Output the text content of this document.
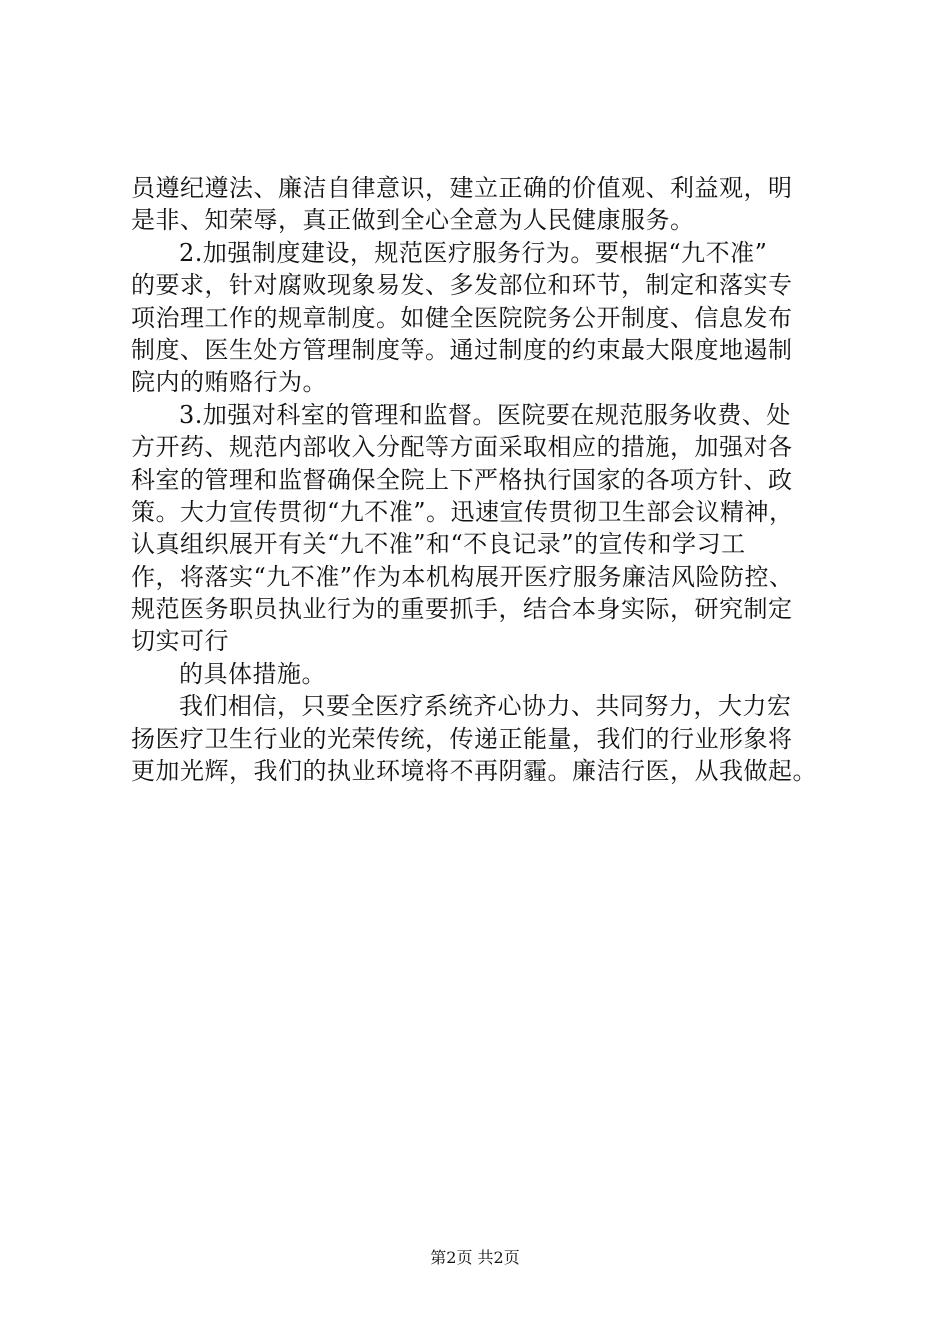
员遵纪遵法、廉洁自律意识，建立正确的价值观、利益观，明
是非、知荣辱，真正做到全心全意为人民健康服务。
2.加强制度建设，规范医疗服务行为。要根据“九不准”
的要求，针对腐败现象易发、多发部位和环节，制定和落实专
项治理工作的规章制度。如健全医院院务公开制度、信息发布
制度、医生处方管理制度等。通过制度的约束最大限度地遏制
院内的贿赂行为。
3.加强对科室的管理和监督。医院要在规范服务收费、处
方开药、规范内部收入分配等方面采取相应的措施，加强对各
科室的管理和监督确保全院上下严格执行国家的各项方针、政
策。大力宣传贯彻“九不准”。迅速宣传贯彻卫生部会议精神，
认真组织展开有关“九不准”和“不良记录”的宣传和学习工
作，将落实“九不准”作为本机构展开医疗服务廉洁风险防控、
规范医务职员执业行为的重要抓手，结合本身实际，研究制定
切实可行
的具体措施。
我们相信，只要全医疗系统齐心协力、共同努力，大力宏
扬医疗卫生行业的光荣传统，传递正能量，我们的行业形象将
更加光辉，我们的执业环境将不再阴霾。廉洁行医，从我做起。
第2页 共2页
